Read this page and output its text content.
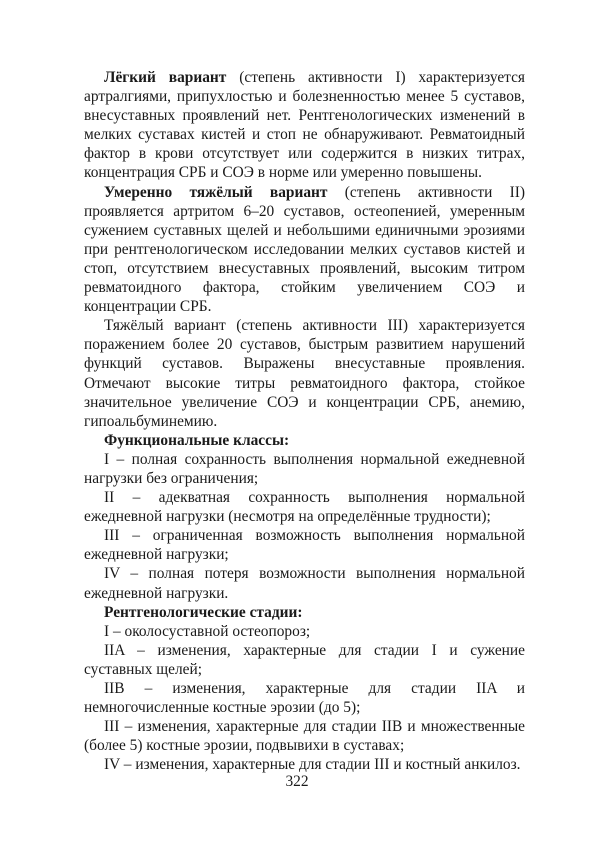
Лёгкий вариант (степень активности I) характеризуется артралгиями, припухлостью и болезненностью менее 5 суставов, внесуставных проявлений нет. Рентгенологических изменений в мелких суставах кистей и стоп не обнаруживают. Ревматоидный фактор в крови отсутствует или содержится в низких титрах, концентрация СРБ и СОЭ в норме или умеренно повышены.

Умеренно тяжёлый вариант (степень активности II) проявляется артритом 6–20 суставов, остеопенией, умеренным сужением суставных щелей и небольшими единичными эрозиями при рентгенологическом исследовании мелких суставов кистей и стоп, отсутствием внесуставных проявлений, высоким титром ревматоидного фактора, стойким увеличением СОЭ и концентрации СРБ.

Тяжёлый вариант (степень активности III) характеризуется поражением более 20 суставов, быстрым развитием нарушений функций суставов. Выражены внесуставные проявления. Отмечают высокие титры ревматоидного фактора, стойкое значительное увеличение СОЭ и концентрации СРБ, анемию, гипоальбуминемию.

Функциональные классы:

I – полная сохранность выполнения нормальной ежедневной нагрузки без ограничения;

II – адекватная сохранность выполнения нормальной ежедневной нагрузки (несмотря на определённые трудности);

III – ограниченная возможность выполнения нормальной ежедневной нагрузки;

IV – полная потеря возможности выполнения нормальной ежедневной нагрузки.

Рентгенологические стадии:

I – околосуставной остеопороз;

IIA – изменения, характерные для стадии I и сужение суставных щелей;

IIB – изменения, характерные для стадии IIA и немногочисленные костные эрозии (до 5);

III – изменения, характерные для стадии IIB и множественные (более 5) костные эрозии, подвывихи в суставах;

IV – изменения, характерные для стадии III и костный анкилоз.

322
